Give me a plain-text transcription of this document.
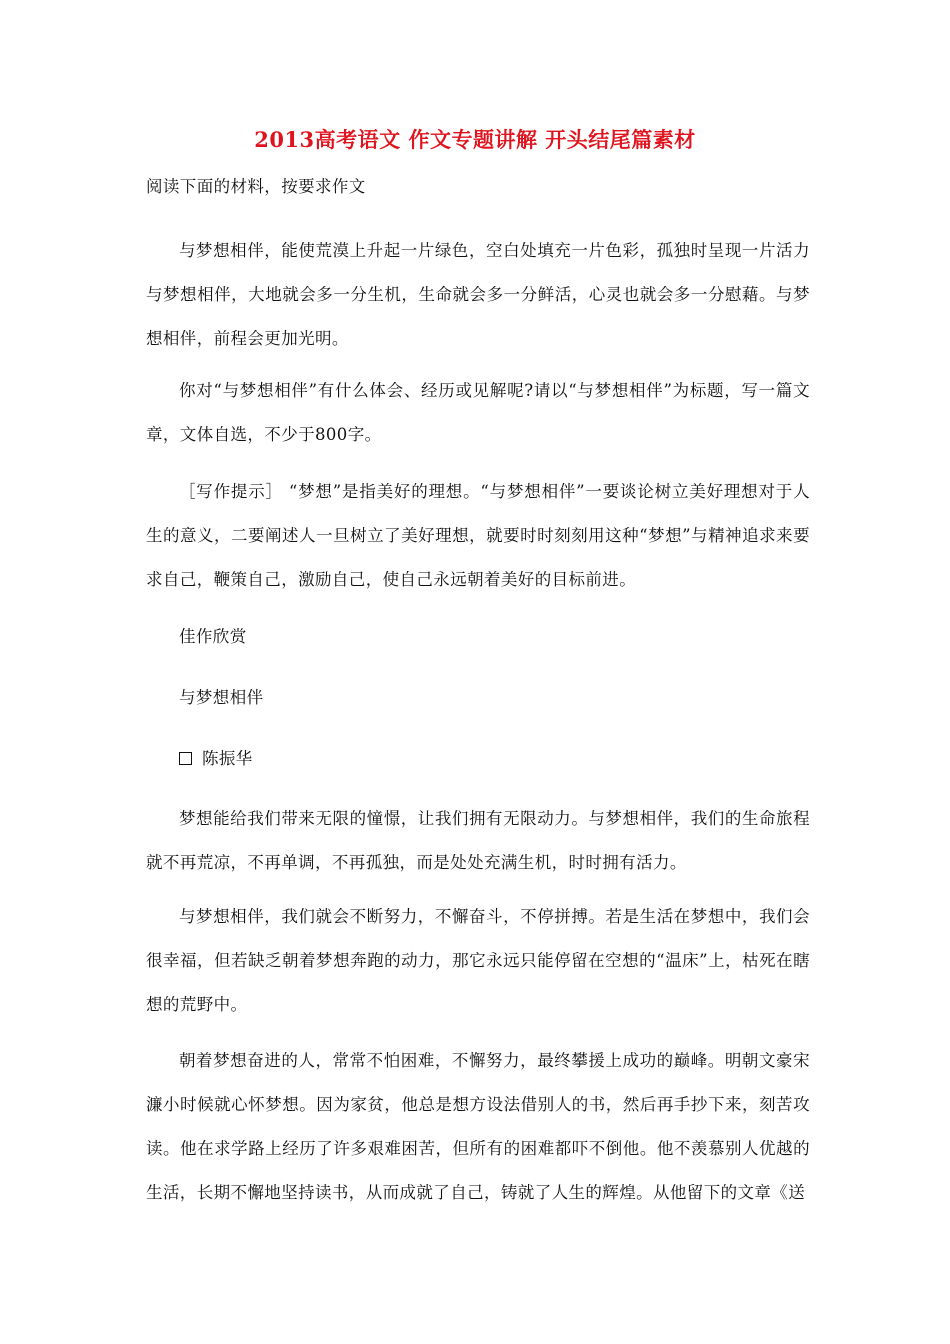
2013高考语文 作文专题讲解 开头结尾篇素材
阅读下面的材料，按要求作文
与梦想相伴，能使荒漠上升起一片绿色，空白处填充一片色彩，孤独时呈现一片活力与梦想相伴，大地就会多一分生机，生命就会多一分鲜活，心灵也就会多一分慰藉。与梦想相伴，前程会更加光明。
你对“与梦想相伴”有什么体会、经历或见解呢?请以“与梦想相伴”为标题，写一篇文章，文体自选，不少于800字。
［写作提示］ “梦想”是指美好的理想。“与梦想相伴”一要谈论树立美好理想对于人生的意义，二要阐述人一旦树立了美好理想，就要时时刻刻用这种“梦想”与精神追求来要求自己，鞭策自己，激励自己，使自己永远朝着美好的目标前进。
佳作欣赏
与梦想相伴
陈振华
梦想能给我们带来无限的憧憬，让我们拥有无限动力。与梦想相伴，我们的生命旅程就不再荒凉，不再单调，不再孤独，而是处处充满生机，时时拥有活力。
与梦想相伴，我们就会不断努力，不懈奋斗，不停拼搏。若是生活在梦想中，我们会很幸福，但若缺乏朝着梦想奔跑的动力，那它永远只能停留在空想的“温床”上，枯死在瞎想的荒野中。
朝着梦想奋进的人，常常不怕困难，不懈努力，最终攀援上成功的巅峰。明朝文豪宋濂小时候就心怀梦想。因为家贫，他总是想方设法借别人的书，然后再手抄下来，刻苦攻读。他在求学路上经历了许多艰难困苦，但所有的困难都吓不倒他。他不羡慕别人优越的生活，长期不懈地坚持读书，从而成就了自己，铸就了人生的辉煌。从他留下的文章《送
